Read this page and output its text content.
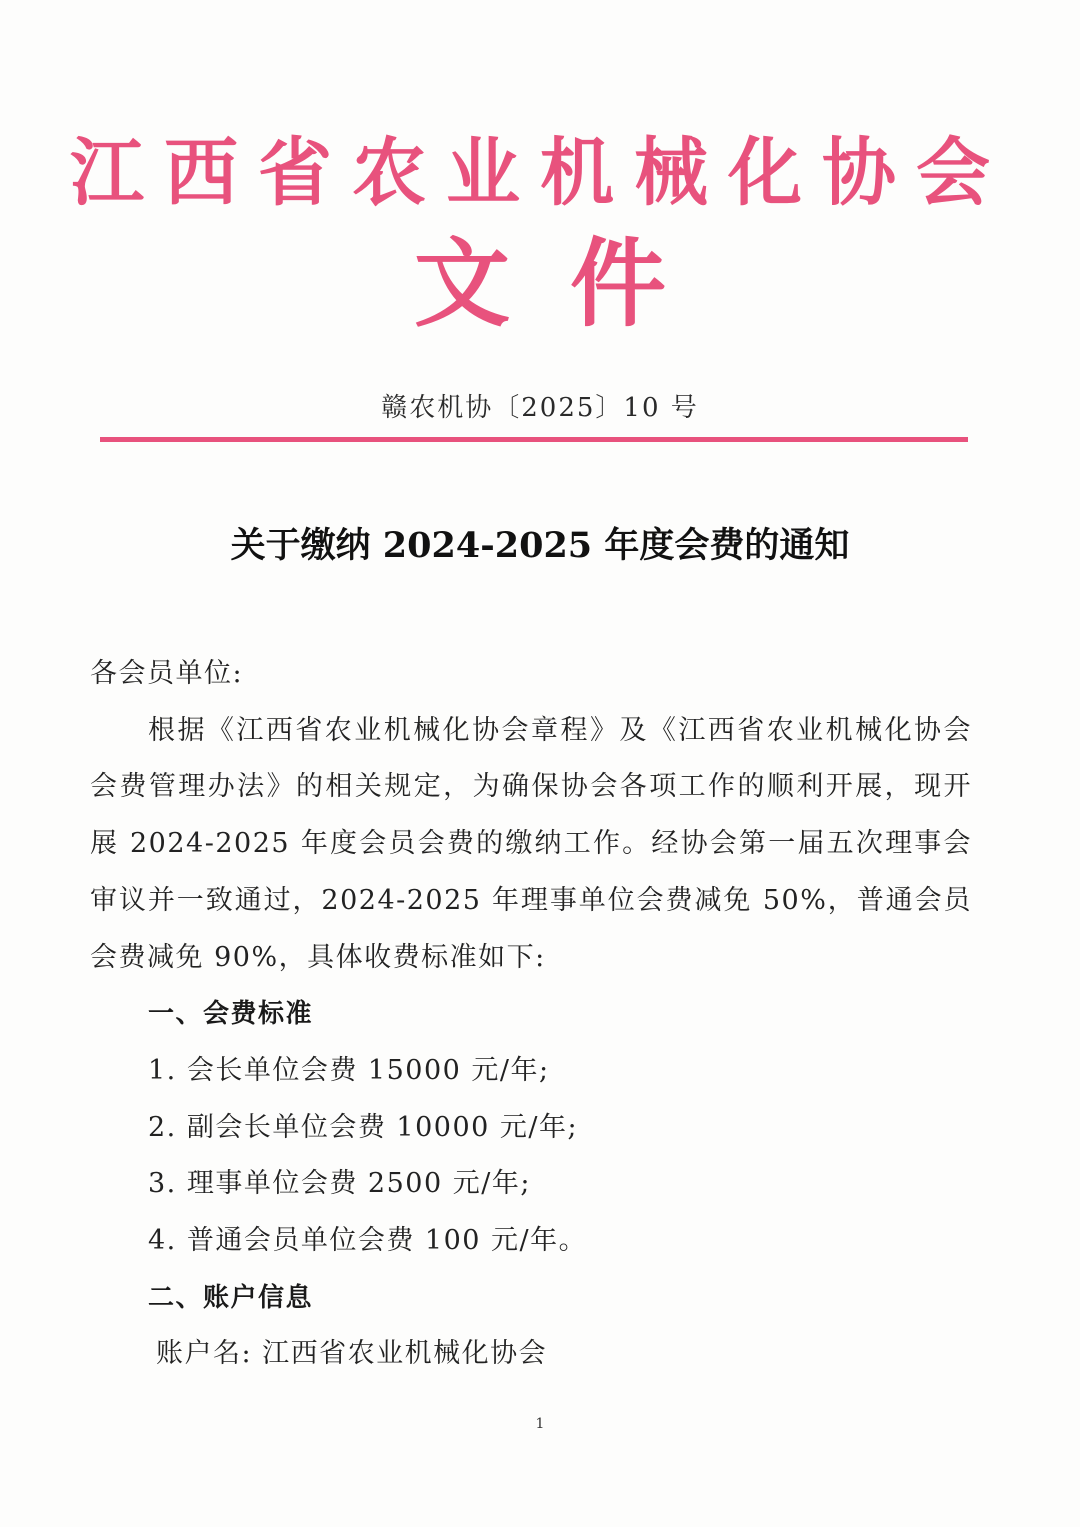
江西省农业机械化协会
文件
赣农机协〔2025〕10 号
关于缴纳 2024-2025 年度会费的通知

各会员单位:

根据《江西省农业机械化协会章程》及《江西省农业机械化协会会费管理办法》的相关规定，为确保协会各项工作的顺利开展，现开展 2024-2025 年度会员会费的缴纳工作。经协会第一届五次理事会审议并一致通过，2024-2025 年理事单位会费减免 50%，普通会员会费减免 90%，具体收费标准如下:

一、会费标准

1. 会长单位会费 15000 元/年;

2. 副会长单位会费 10000 元/年;

3. 理事单位会费 2500 元/年;

4. 普通会员单位会费 100 元/年。

二、账户信息

账户名: 江西省农业机械化协会

1
